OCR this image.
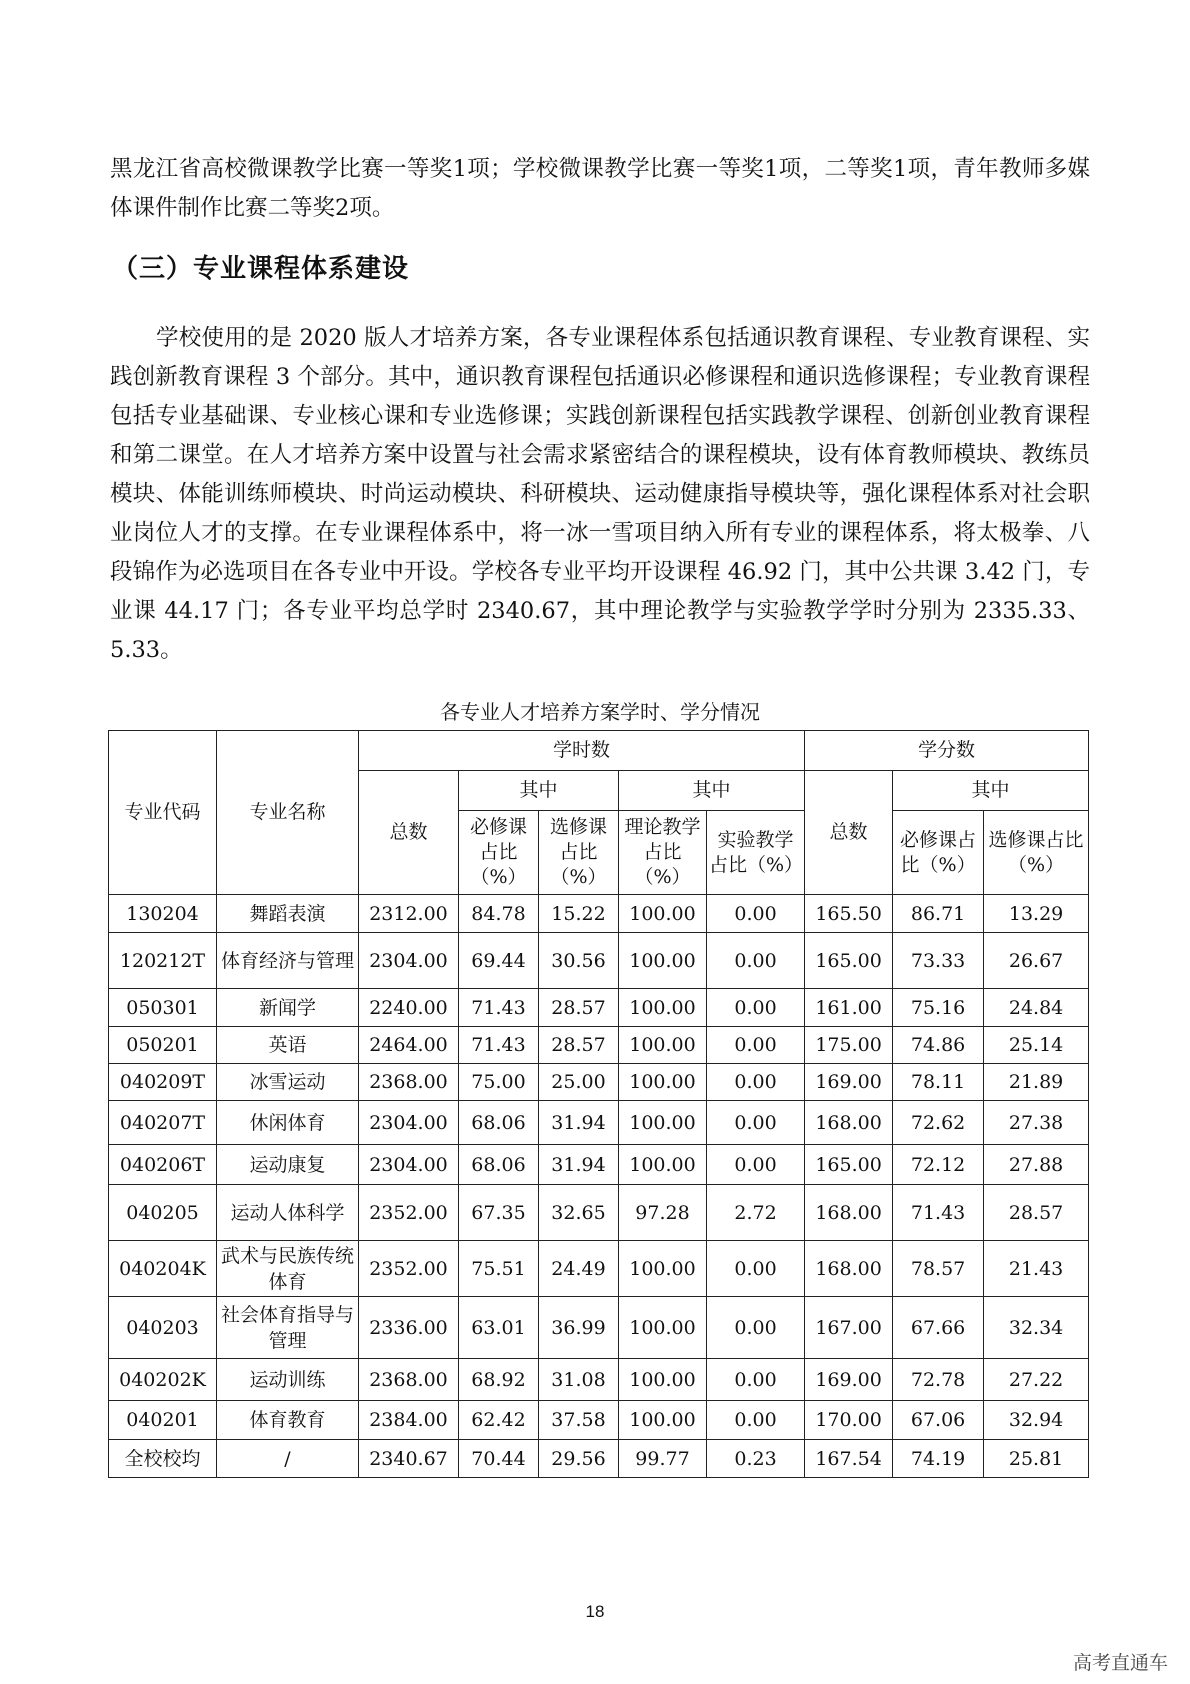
黑龙江省高校微课教学比赛一等奖1项；学校微课教学比赛一等奖1项，二等奖1项，青年教师多媒体课件制作比赛二等奖2项。

（三）专业课程体系建设

学校使用的是 2020 版人才培养方案，各专业课程体系包括通识教育课程、专业教育课程、实践创新教育课程 3 个部分。其中，通识教育课程包括通识必修课程和通识选修课程；专业教育课程包括专业基础课、专业核心课和专业选修课；实践创新课程包括实践教学课程、创新创业教育课程和第二课堂。在人才培养方案中设置与社会需求紧密结合的课程模块，设有体育教师模块、教练员模块、体能训练师模块、时尚运动模块、科研模块、运动健康指导模块等，强化课程体系对社会职业岗位人才的支撑。在专业课程体系中，将一冰一雪项目纳入所有专业的课程体系，将太极拳、八段锦作为必选项目在各专业中开设。学校各专业平均开设课程 46.92 门，其中公共课 3.42 门，专业课 44.17 门；各专业平均总学时 2340.67，其中理论教学与实验教学学时分别为 2335.33、5.33。

各专业人才培养方案学时、学分情况
专业代码	专业名称	学时数					学分数		
		总数	其中		其中		总数	其中	
			必修课占比（%）	选修课占比（%）	理论教学占比（%）	实验教学占比（%）		必修课占比（%）	选修课占比（%）
130204	舞蹈表演	2312.00	84.78	15.22	100.00	0.00	165.50	86.71	13.29
120212T	体育经济与管理	2304.00	69.44	30.56	100.00	0.00	165.00	73.33	26.67
050301	新闻学	2240.00	71.43	28.57	100.00	0.00	161.00	75.16	24.84
050201	英语	2464.00	71.43	28.57	100.00	0.00	175.00	74.86	25.14
040209T	冰雪运动	2368.00	75.00	25.00	100.00	0.00	169.00	78.11	21.89
040207T	休闲体育	2304.00	68.06	31.94	100.00	0.00	168.00	72.62	27.38
040206T	运动康复	2304.00	68.06	31.94	100.00	0.00	165.00	72.12	27.88
040205	运动人体科学	2352.00	67.35	32.65	97.28	2.72	168.00	71.43	28.57
040204K	武术与民族传统体育	2352.00	75.51	24.49	100.00	0.00	168.00	78.57	21.43
040203	社会体育指导与管理	2336.00	63.01	36.99	100.00	0.00	167.00	67.66	32.34
040202K	运动训练	2368.00	68.92	31.08	100.00	0.00	169.00	72.78	27.22
040201	体育教育	2384.00	62.42	37.58	100.00	0.00	170.00	67.06	32.94
全校校均	/	2340.67	70.44	29.56	99.77	0.23	167.54	74.19	25.81
18
高考直通车
